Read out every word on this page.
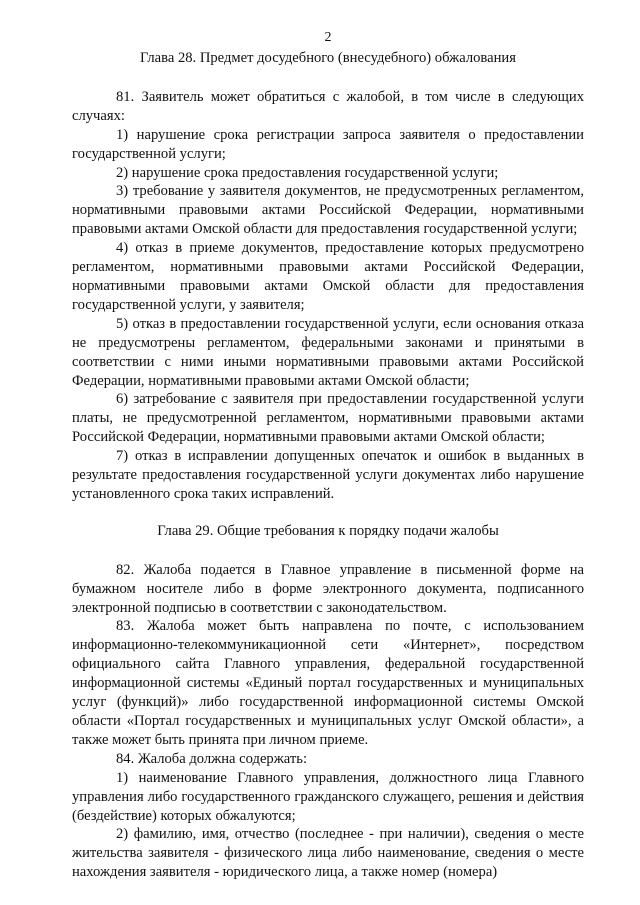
2
Глава 28. Предмет досудебного (внесудебного) обжалования

81. Заявитель может обратиться с жалобой, в том числе в следующих случаях:

1) нарушение срока регистрации запроса заявителя о предоставлении государственной услуги;

2) нарушение срока предоставления государственной услуги;

3) требование у заявителя документов, не предусмотренных регламентом, нормативными правовыми актами Российской Федерации, нормативными правовыми актами Омской области для предоставления государственной услуги;

4) отказ в приеме документов, предоставление которых предусмотрено регламентом, нормативными правовыми актами Российской Федерации, нормативными правовыми актами Омской области для предоставления государственной услуги, у заявителя;

5) отказ в предоставлении государственной услуги, если основания отказа не предусмотрены регламентом, федеральными законами и принятыми в соответствии с ними иными нормативными правовыми актами Российской Федерации, нормативными правовыми актами Омской области;

6) затребование с заявителя при предоставлении государственной услуги платы, не предусмотренной регламентом, нормативными правовыми актами Российской Федерации, нормативными правовыми актами Омской области;

7) отказ в исправлении допущенных опечаток и ошибок в выданных в результате предоставления государственной услуги документах либо нарушение установленного срока таких исправлений.

Глава 29. Общие требования к порядку подачи жалобы

82. Жалоба подается в Главное управление в письменной форме на бумажном носителе либо в форме электронного документа, подписанного электронной подписью в соответствии с законодательством.

83. Жалоба может быть направлена по почте, с использованием информационно-телекоммуникационной сети «Интернет», посредством официального сайта Главного управления, федеральной государственной информационной системы «Единый портал государственных и муниципальных услуг (функций)» либо государственной информационной системы Омской области «Портал государственных и муниципальных услуг Омской области», а также может быть принята при личном приеме.

84. Жалоба должна содержать:

1) наименование Главного управления, должностного лица Главного управления либо государственного гражданского служащего, решения и действия (бездействие) которых обжалуются;

2) фамилию, имя, отчество (последнее - при наличии), сведения о месте жительства заявителя - физического лица либо наименование, сведения о месте нахождения заявителя - юридического лица, а также номер (номера)
